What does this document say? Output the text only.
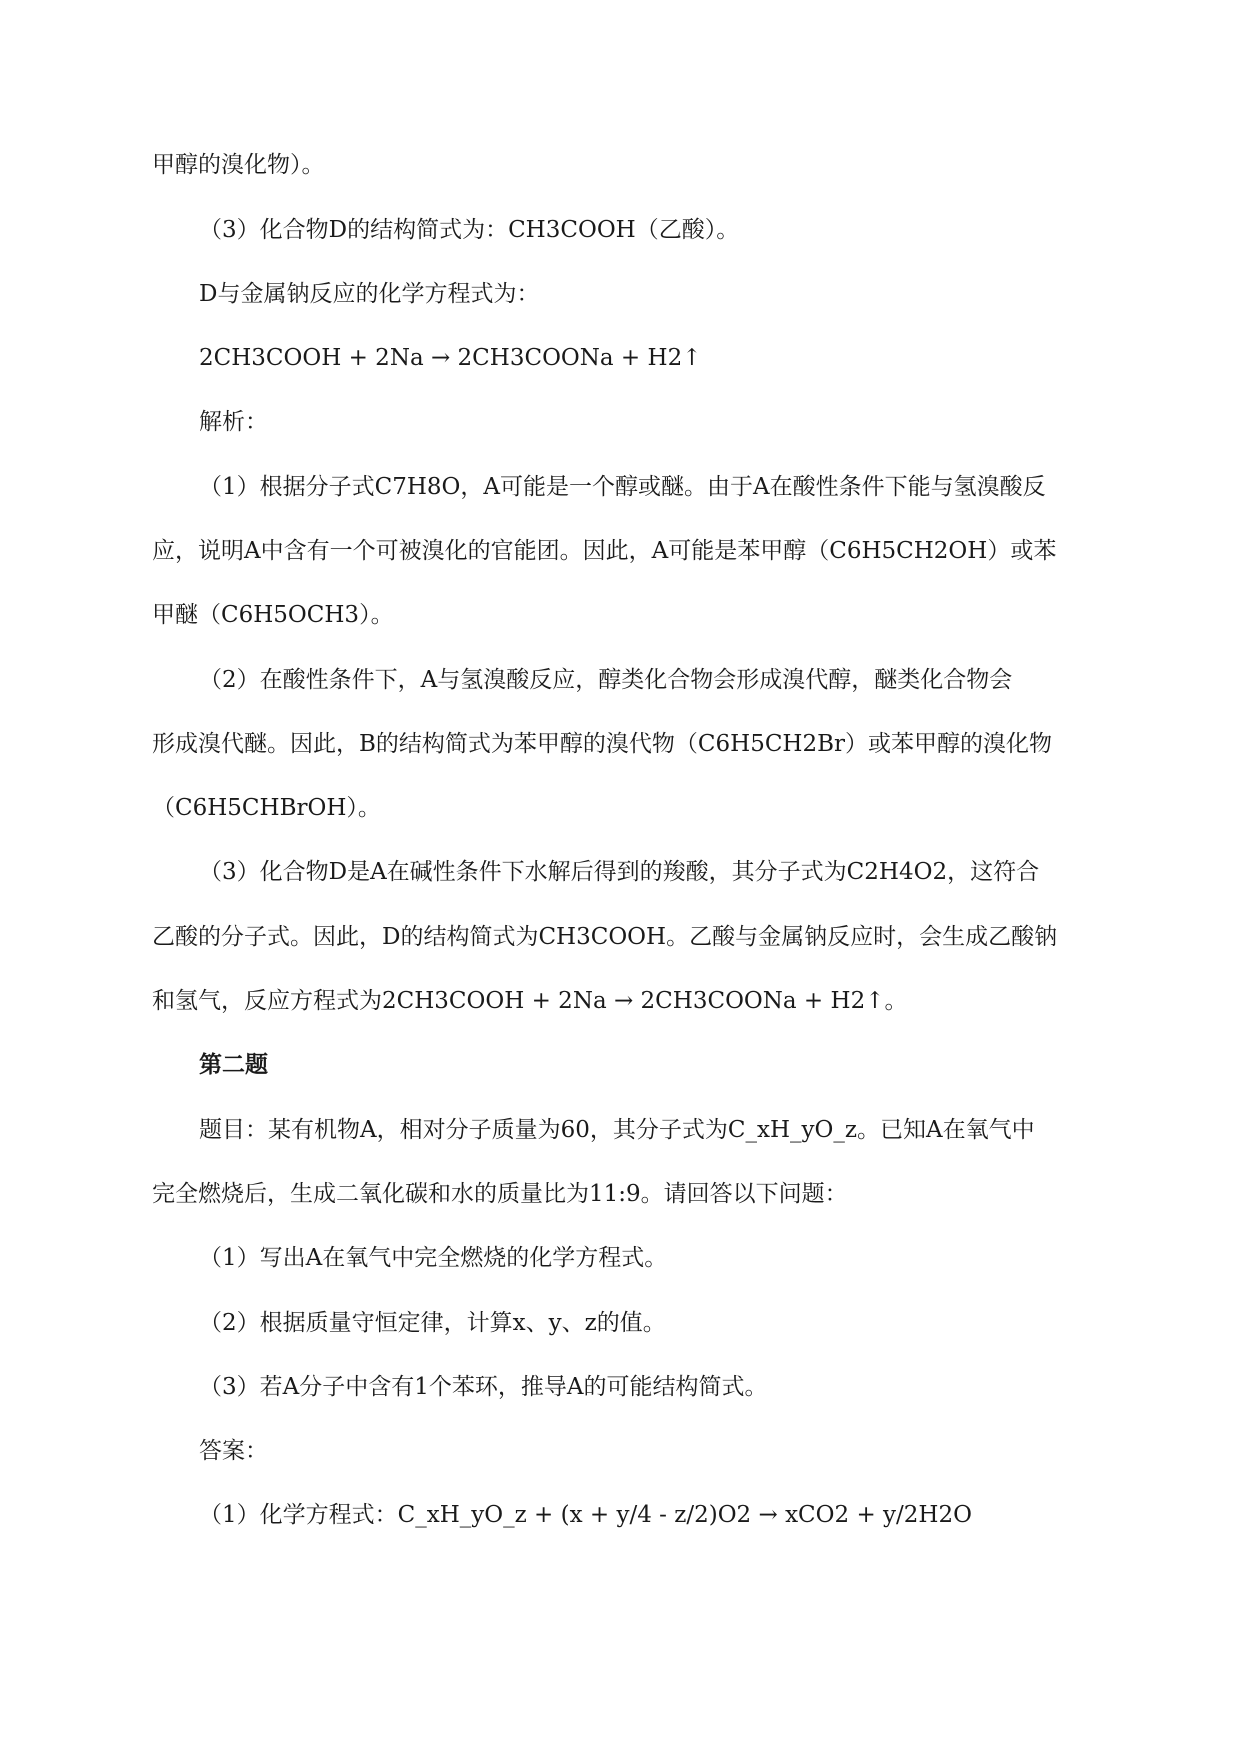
甲醇的溴化物）。
（3）化合物D的结构简式为：CH3COOH（乙酸）。
D与金属钠反应的化学方程式为：
2CH3COOH + 2Na → 2CH3COONa + H2↑
解析：
（1）根据分子式C7H8O，A可能是一个醇或醚。由于A在酸性条件下能与氢溴酸反
应，说明A中含有一个可被溴化的官能团。因此，A可能是苯甲醇（C6H5CH2OH）或苯
甲醚（C6H5OCH3）。
（2）在酸性条件下，A与氢溴酸反应，醇类化合物会形成溴代醇，醚类化合物会
形成溴代醚。因此，B的结构简式为苯甲醇的溴代物（C6H5CH2Br）或苯甲醇的溴化物
（C6H5CHBrOH）。
（3）化合物D是A在碱性条件下水解后得到的羧酸，其分子式为C2H4O2，这符合
乙酸的分子式。因此，D的结构简式为CH3COOH。乙酸与金属钠反应时，会生成乙酸钠
和氢气，反应方程式为2CH3COOH + 2Na → 2CH3COONa + H2↑。
第二题
题目：某有机物A，相对分子质量为60，其分子式为C_xH_yO_z。已知A在氧气中
完全燃烧后，生成二氧化碳和水的质量比为11:9。请回答以下问题：
（1）写出A在氧气中完全燃烧的化学方程式。
（2）根据质量守恒定律，计算x、y、z的值。
（3）若A分子中含有1个苯环，推导A的可能结构简式。
答案：
（1）化学方程式：C_xH_yO_z + (x + y/4 - z/2)O2 → xCO2 + y/2H2O
